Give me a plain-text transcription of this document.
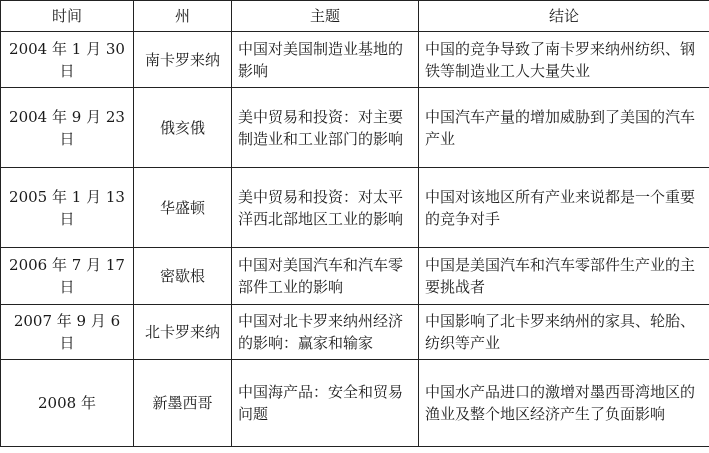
时间	州	主题	结论
2004 年 1 月 30 日	南卡罗来纳	中国对美国制造业基地的影响	中国的竞争导致了南卡罗来纳州纺织、钢铁等制造业工人大量失业
2004 年 9 月 23 日	俄亥俄	美中贸易和投资：对主要制造业和工业部门的影响	中国汽车产量的增加威胁到了美国的汽车产业
2005 年 1 月 13 日	华盛顿	美中贸易和投资：对太平洋西北部地区工业的影响	中国对该地区所有产业来说都是一个重要的竞争对手
2006 年 7 月 17 日	密歇根	中国对美国汽车和汽车零部件工业的影响	中国是美国汽车和汽车零部件生产业的主要挑战者
2007 年 9 月 6 日	北卡罗来纳	中国对北卡罗来纳州经济的影响：赢家和输家	中国影响了北卡罗来纳州的家具、轮胎、纺织等产业
2008 年	新墨西哥	中国海产品：安全和贸易问题	中国水产品进口的激增对墨西哥湾地区的渔业及整个地区经济产生了负面影响
